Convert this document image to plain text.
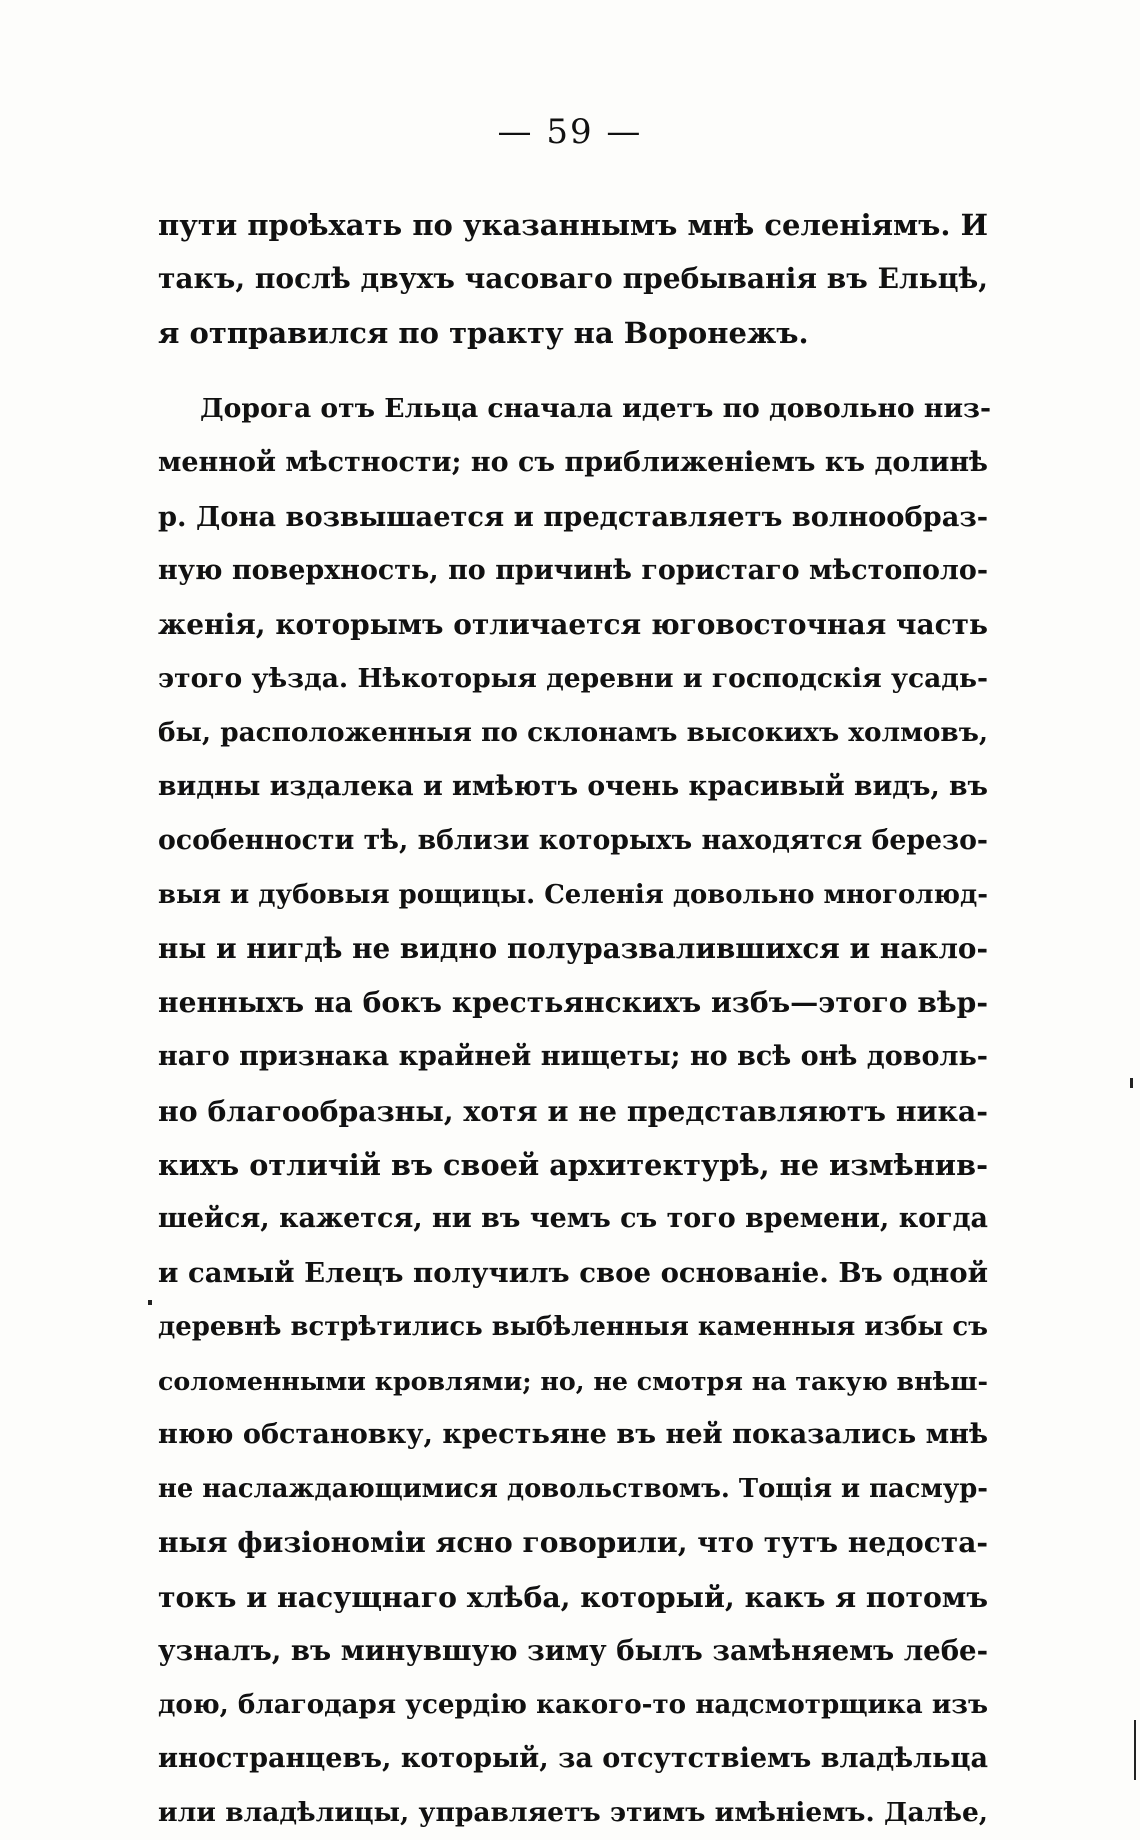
— 59 —
пути проѣхать по указаннымъ мнѣ селеніямъ. И
такъ, послѣ двухъ часоваго пребыванія въ Ельцѣ,
я отправился по тракту на Воронежъ.
Дорога отъ Ельца сначала идетъ по довольно низ-
менной мѣстности; но съ приближеніемъ къ долинѣ
р. Дона возвышается и представляетъ волнообраз-
ную поверхность, по причинѣ гористаго мѣстополо-
женія, которымъ отличается юговосточная часть
этого уѣзда. Нѣкоторыя деревни и господскія усадь-
бы, расположенныя по склонамъ высокихъ холмовъ,
видны издалека и имѣютъ очень красивый видъ, въ
особенности тѣ, вблизи которыхъ находятся березо-
выя и дубовыя рощицы. Селенія довольно многолюд-
ны и нигдѣ не видно полуразвалившихся и накло-
ненныхъ на бокъ крестьянскихъ избъ—этого вѣр-
наго признака крайней нищеты; но всѣ онѣ доволь-
но благообразны, хотя и не представляютъ никa-
кихъ отличій въ своей архитектурѣ, не измѣнив-
шейся, кажется, ни въ чемъ съ того времени, когда
и самый Елецъ получилъ свое основаніе. Въ одной
деревнѣ встрѣтились выбѣленныя каменныя избы съ
соломенными кровлями; но, не смотря на такую внѣш-
нюю обстановку, крестьяне въ ней показались мнѣ
не наслаждающимися довольствомъ. Тощія и пасмур-
ныя физіономіи ясно говорили, что тутъ недоста-
токъ и насущнаго хлѣба, который, какъ я потомъ
узналъ, въ минувшую зиму былъ замѣняемъ лебе-
дою, благодаря усердію какого-то надсмотрщика изъ
иностранцевъ, который, за отсутствіемъ владѣльца
или владѣлицы, управляетъ этимъ имѣніемъ. Далѣе,
